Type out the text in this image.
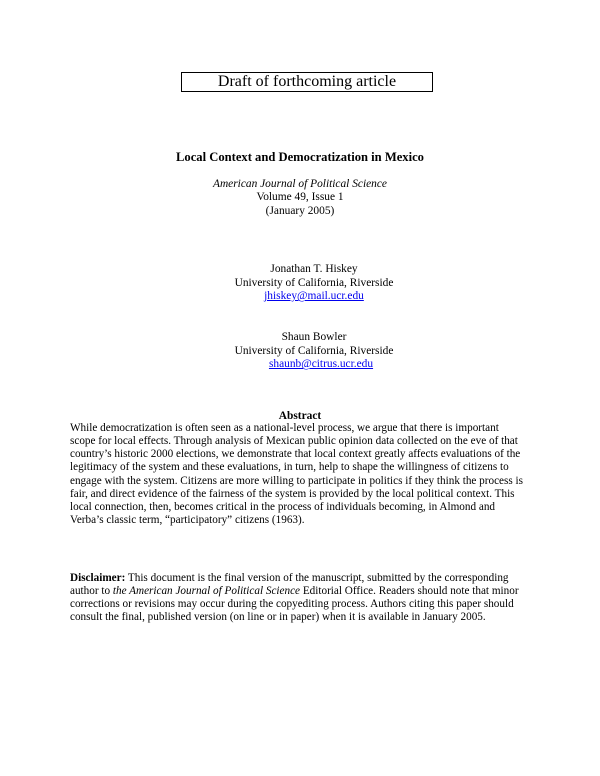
Draft of forthcoming article
Local Context and Democratization in Mexico
American Journal of Political Science
Volume 49, Issue 1
(January 2005)
Jonathan T. Hiskey
University of California, Riverside
jhiskey@mail.ucr.edu
Shaun Bowler
University of California, Riverside
shaunb@citrus.ucr.edu
Abstract
While democratization is often seen as a national-level process, we argue that there is important
scope for local effects. Through analysis of Mexican public opinion data collected on the eve of that
country’s historic 2000 elections, we demonstrate that local context greatly affects evaluations of the
legitimacy of the system and these evaluations, in turn, help to shape the willingness of citizens to
engage with the system. Citizens are more willing to participate in politics if they think the process is
fair, and direct evidence of the fairness of the system is provided by the local political context. This
local connection, then, becomes critical in the process of individuals becoming, in Almond and
Verba’s classic term, “participatory” citizens (1963).
Disclaimer: This document is the final version of the manuscript, submitted by the corresponding author to the American Journal of Political Science Editorial Office. Readers should note that minor corrections or revisions may occur during the copyediting process. Authors citing this paper should consult the final, published version (on line or in paper) when it is available in January 2005.
